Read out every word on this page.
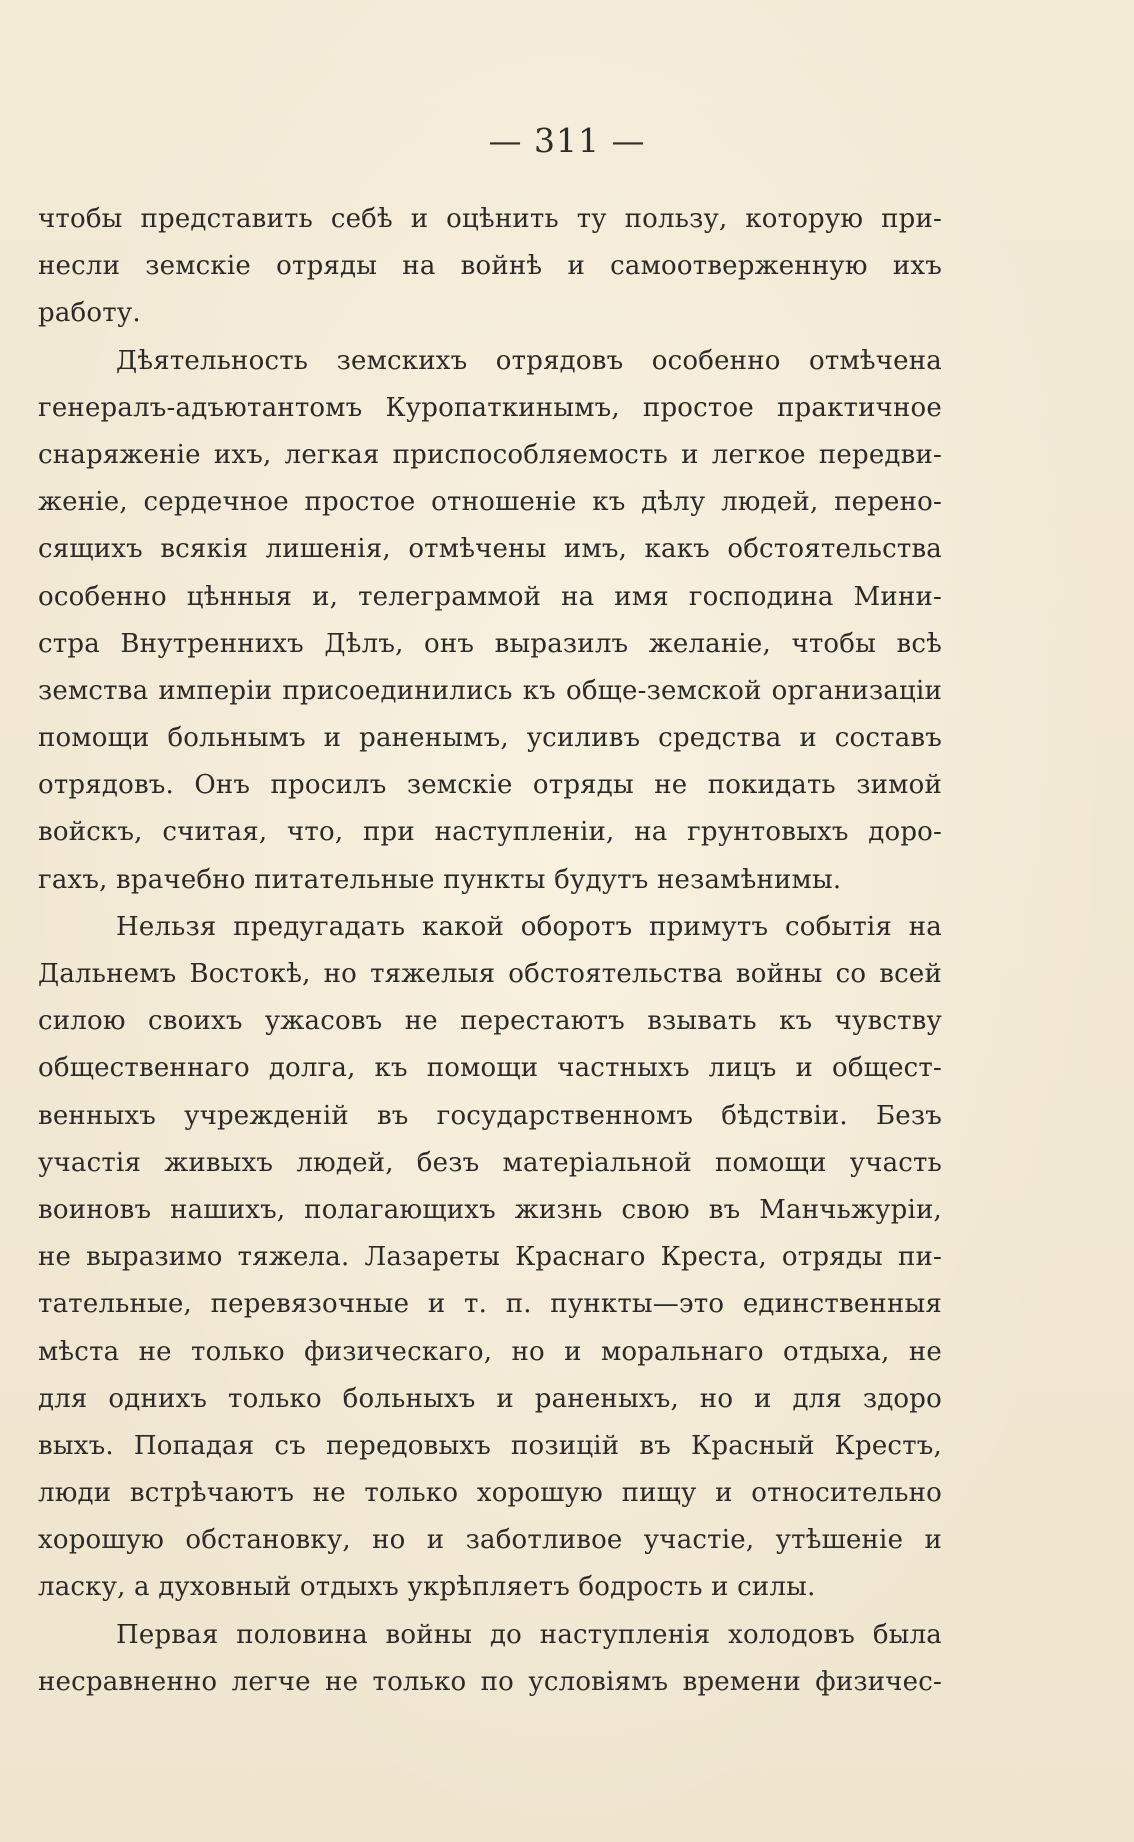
— 311 —
чтобы представить себѣ и оцѣнить ту пользу, которую при-
несли земскіе отряды на войнѣ и самоотверженную ихъ
работу.
Дѣятельность земскихъ отрядовъ особенно отмѣчена
генералъ-адъютантомъ Куропаткинымъ, простое практичное
снаряженіе ихъ, легкая приспособляемость и легкое передви-
женіе, сердечное простое отношеніе къ дѣлу людей, перено-
сящихъ всякія лишенія, отмѣчены имъ, какъ обстоятельства
особенно цѣнныя и, телеграммой на имя господина Мини-
стра Внутреннихъ Дѣлъ, онъ выразилъ желаніе, чтобы всѣ
земства имперіи присоединились къ обще-земской организаціи
помощи больнымъ и раненымъ, усиливъ средства и составъ
отрядовъ. Онъ просилъ земскіе отряды не покидать зимой
войскъ, считая, что, при наступленіи, на грунтовыхъ доро-
гахъ, врачебно питательные пункты будутъ незамѣнимы.
Нельзя предугадать какой оборотъ примутъ событія на
Дальнемъ Востокѣ, но тяжелыя обстоятельства войны со всей
силою своихъ ужасовъ не перестаютъ взывать къ чувству
общественнаго долга, къ помощи частныхъ лицъ и общест-
венныхъ учрежденій въ государственномъ бѣдствіи. Безъ
участія живыхъ людей, безъ матеріальной помощи участь
воиновъ нашихъ, полагающихъ жизнь свою въ Манчьжуріи,
не выразимо тяжела. Лазареты Краснаго Креста, отряды пи-
тательные, перевязочные и т. п. пункты—это единственныя
мѣста не только физическаго, но и моральнаго отдыха, не
для однихъ только больныхъ и раненыхъ, но и для здоро
выхъ. Попадая съ передовыхъ позицій въ Красный Крестъ,
люди встрѣчаютъ не только хорошую пищу и относительно
хорошую обстановку, но и заботливое участіе, утѣшеніе и
ласку, а духовный отдыхъ укрѣпляетъ бодрость и силы.
Первая половина войны до наступленія холодовъ была
несравненно легче не только по условіямъ времени физичес-
